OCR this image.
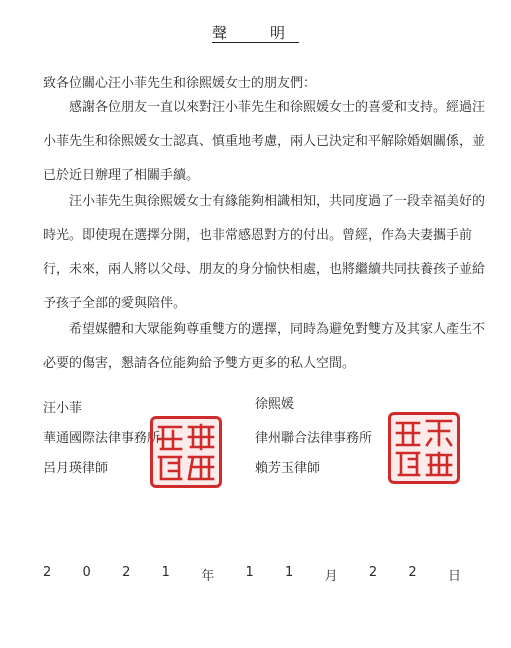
聲　明
致各位關心汪小菲先生和徐熙媛女士的朋友們：
感謝各位朋友一直以來對汪小菲先生和徐熙媛女士的喜愛和支持。經過汪
小菲先生和徐熙媛女士認真、慎重地考慮，兩人已決定和平解除婚姻關係，並
已於近日辦理了相關手續。
汪小菲先生與徐熙媛女士有緣能夠相識相知，共同度過了一段幸福美好的
時光。即使現在選擇分開，也非常感恩對方的付出。曾經，作為夫妻攜手前
行，未來，兩人將以父母、朋友的身分愉快相處，也將繼續共同扶養孩子並給
予孩子全部的愛與陪伴。
希望媒體和大眾能夠尊重雙方的選擇，同時為避免對雙方及其家人產生不
必要的傷害，懇請各位能夠給予雙方更多的私人空間。
汪小菲
華通國際法律事務所
呂月瑛律師
徐熙媛
律州聯合法律事務所
賴芳玉律師
2 0 2 1 年 1 1 月 2 2 日
